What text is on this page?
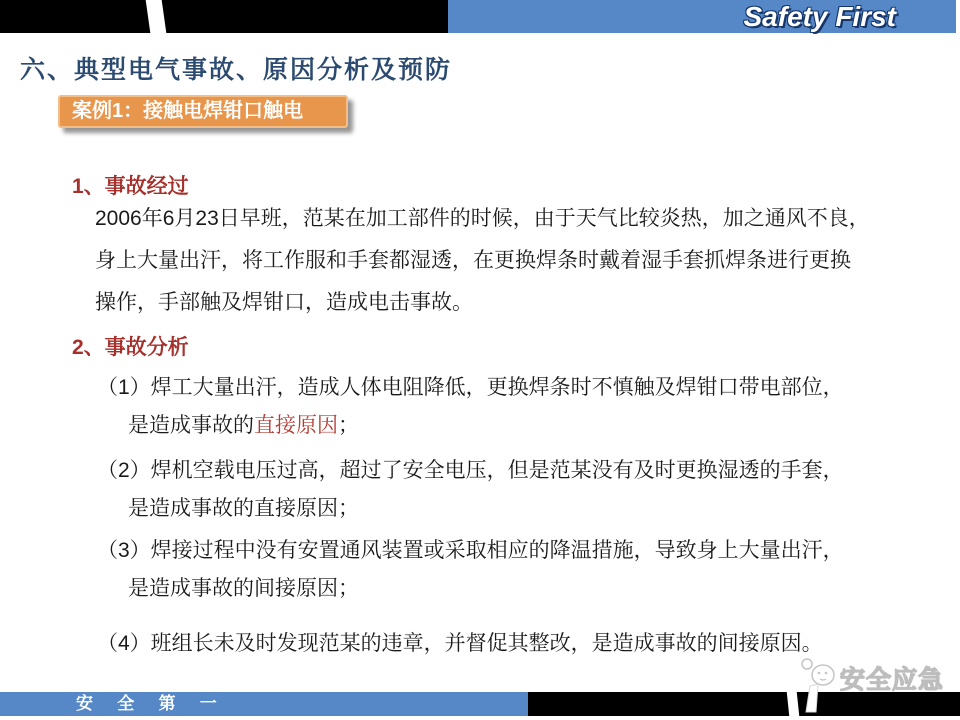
Safety First
六、典型电气事故、原因分析及预防
案例1：接触电焊钳口触电
1、事故经过

2006年6月23日早班，范某在加工部件的时候，由于天气比较炎热，加之通风不良，

身上大量出汗，将工作服和手套都湿透，在更换焊条时戴着湿手套抓焊条进行更换

操作，手部触及焊钳口，造成电击事故。

2、事故分析

（1）焊工大量出汗，造成人体电阻降低，更换焊条时不慎触及焊钳口带电部位，

是造成事故的直接原因；

（2）焊机空载电压过高，超过了安全电压，但是范某没有及时更换湿透的手套，

是造成事故的直接原因；

（3）焊接过程中没有安置通风装置或采取相应的降温措施，导致身上大量出汗，

是造成事故的间接原因；

（4）班组长未及时发现范某的违章，并督促其整改，是造成事故的间接原因。

安全应急
安 全 第 一
